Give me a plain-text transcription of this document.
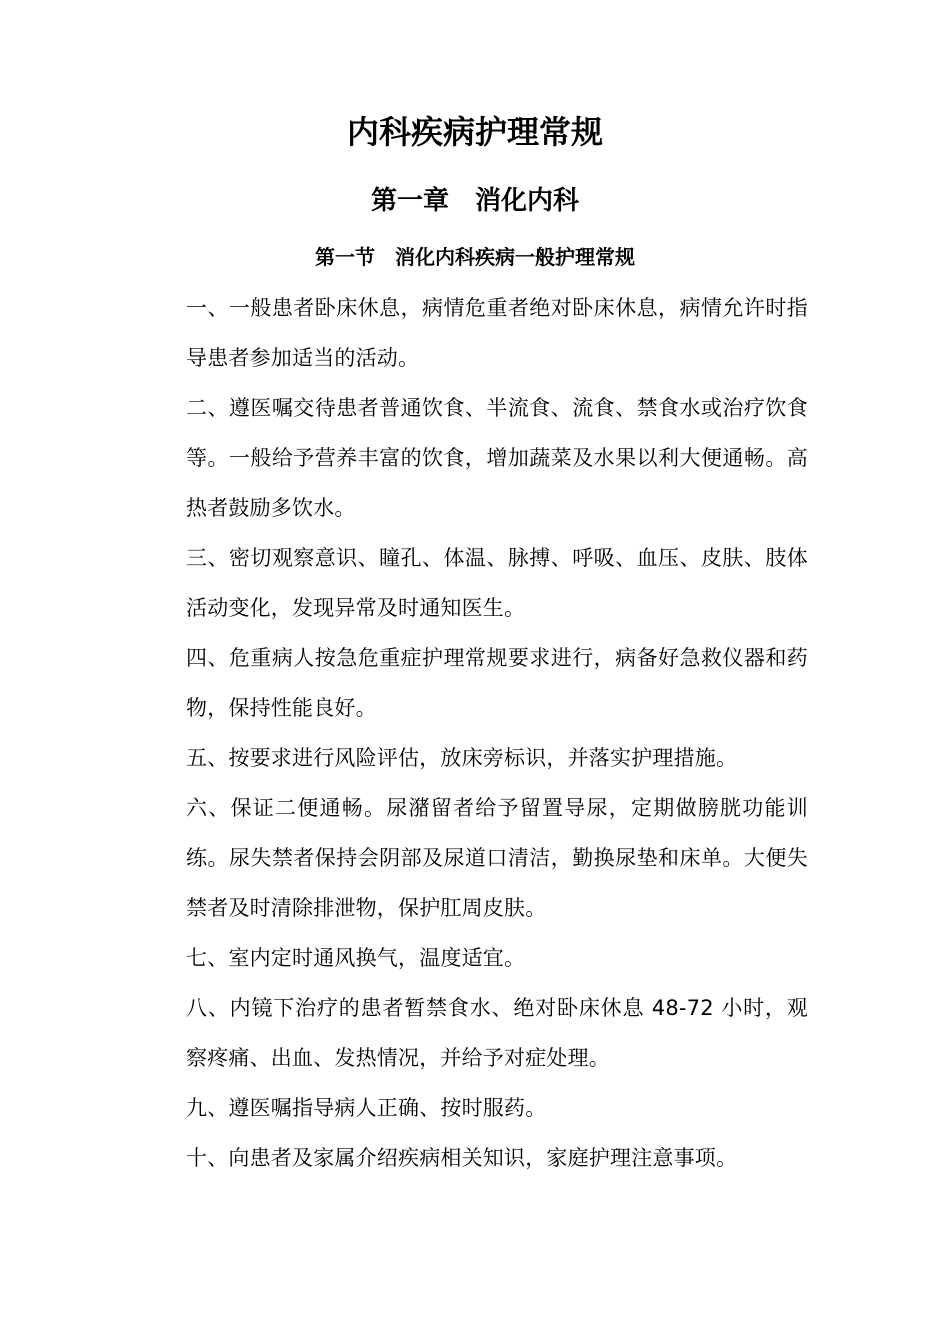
内科疾病护理常规
第一章　消化内科
第一节　消化内科疾病一般护理常规

一、一般患者卧床休息，病情危重者绝对卧床休息，病情允许时指导患者参加适当的活动。

二、遵医嘱交待患者普通饮食、半流食、流食、禁食水或治疗饮食等。一般给予营养丰富的饮食，增加蔬菜及水果以利大便通畅。高热者鼓励多饮水。

三、密切观察意识、瞳孔、体温、脉搏、呼吸、血压、皮肤、肢体活动变化，发现异常及时通知医生。

四、危重病人按急危重症护理常规要求进行，病备好急救仪器和药物，保持性能良好。

五、按要求进行风险评估，放床旁标识，并落实护理措施。

六、保证二便通畅。尿潴留者给予留置导尿，定期做膀胱功能训练。尿失禁者保持会阴部及尿道口清洁，勤换尿垫和床单。大便失禁者及时清除排泄物，保护肛周皮肤。

七、室内定时通风换气，温度适宜。

八、内镜下治疗的患者暂禁食水、绝对卧床休息 48-72 小时，观察疼痛、出血、发热情况，并给予对症处理。

九、遵医嘱指导病人正确、按时服药。

十、向患者及家属介绍疾病相关知识，家庭护理注意事项。
